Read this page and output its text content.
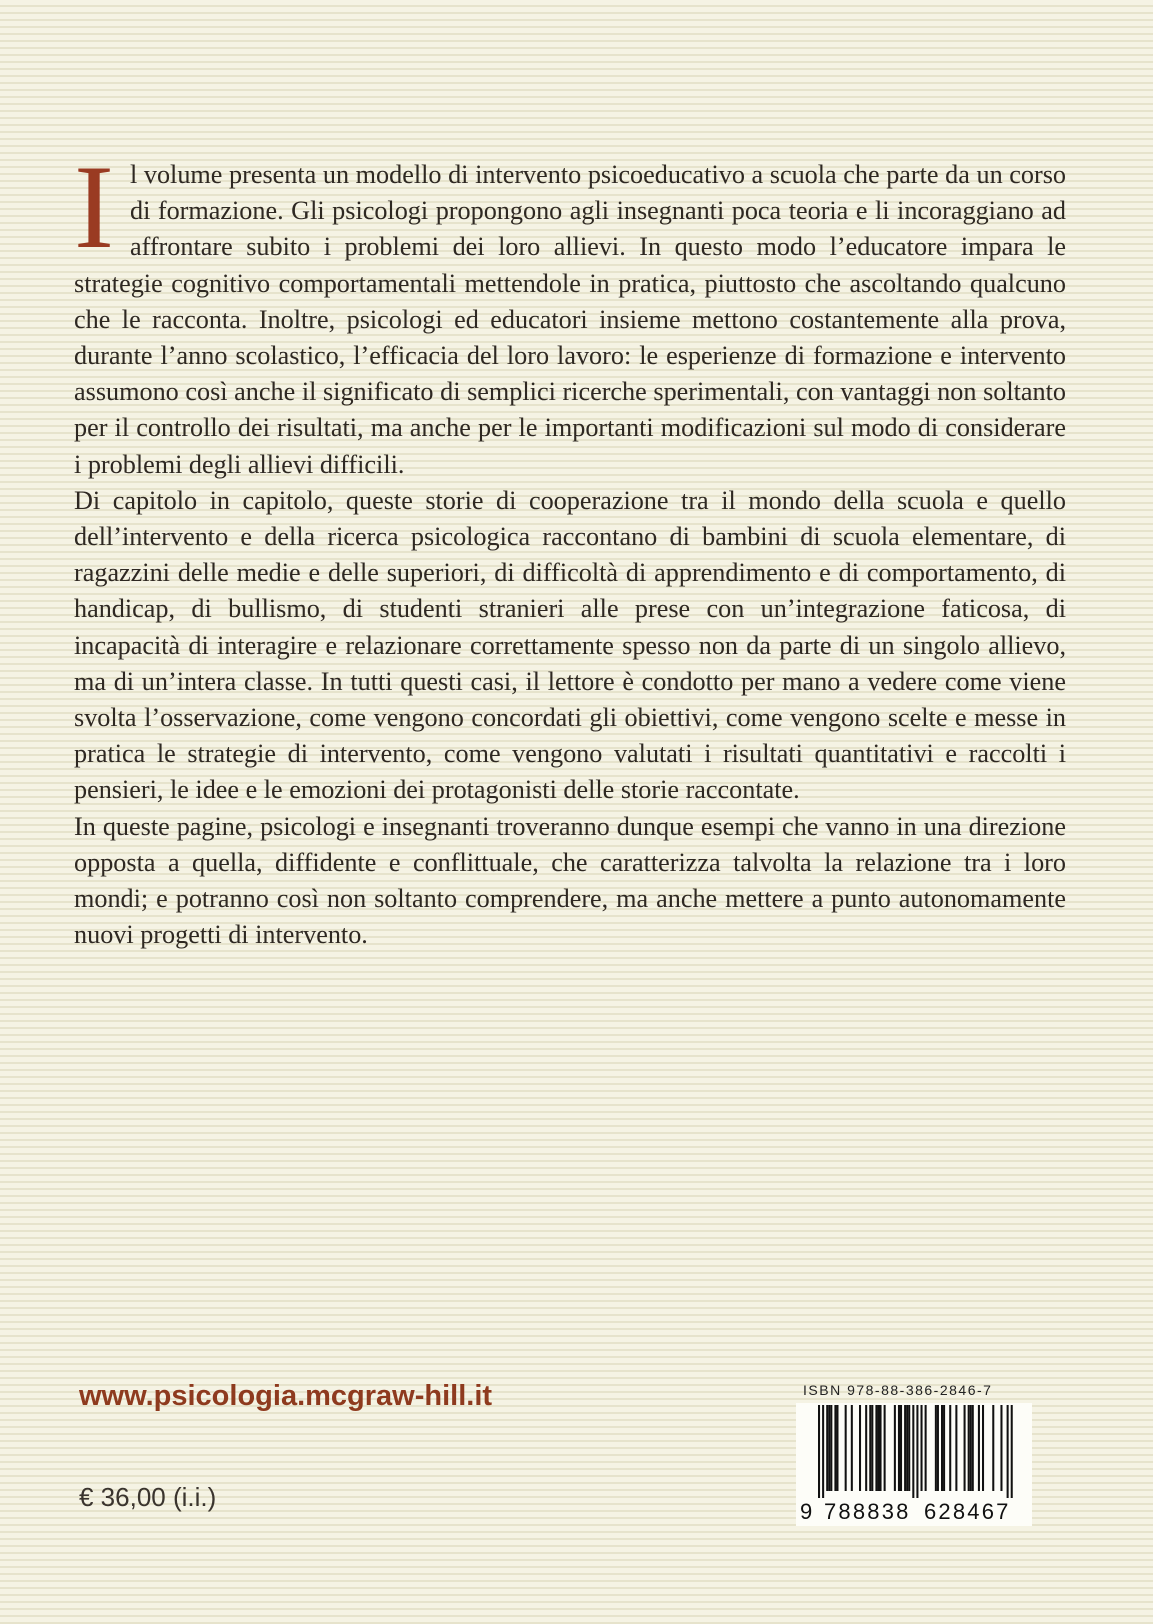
Il volume presenta un modello di intervento psicoeducativo a scuola che parte da un corso di formazione. Gli psicologi propongono agli insegnanti poca teoria e li incoraggiano ad affrontare subito i problemi dei loro allievi. In questo modo l’educatore impara le strategie cognitivo comportamentali mettendole in pratica, piuttosto che ascoltando qualcuno che le racconta. Inoltre, psicologi ed educatori insieme mettono costantemente alla prova, durante l’anno scolastico, l’efficacia del loro lavoro: le esperienze di formazione e intervento assumono così anche il significato di semplici ricerche sperimentali, con vantaggi non soltanto per il controllo dei risultati, ma anche per le importanti modificazioni sul modo di considerare i problemi degli allievi difficili.

Di capitolo in capitolo, queste storie di cooperazione tra il mondo della scuola e quello dell’intervento e della ricerca psicologica raccontano di bambini di scuola elementare, di ragazzini delle medie e delle superiori, di difficoltà di apprendimento e di comportamento, di handicap, di bullismo, di studenti stranieri alle prese con un’integrazione faticosa, di incapacità di interagire e relazionare correttamente spesso non da parte di un singolo allievo, ma di un’intera classe. In tutti questi casi, il lettore è condotto per mano a vedere come viene svolta l’osservazione, come vengono concordati gli obiettivi, come vengono scelte e messe in pratica le strategie di intervento, come vengono valutati i risultati quantitativi e raccolti i pensieri, le idee e le emozioni dei protagonisti delle storie raccontate.

In queste pagine, psicologi e insegnanti troveranno dunque esempi che vanno in una direzione opposta a quella, diffidente e conflittuale, che caratterizza talvolta la relazione tra i loro mondi; e potranno così non soltanto comprendere, ma anche mettere a punto autonomamente nuovi progetti di intervento.

www.psicologia.mcgraw-hill.it
€ 36,00 (i.i.)
ISBN 978-88-386-2846-7
9 788838 628467
